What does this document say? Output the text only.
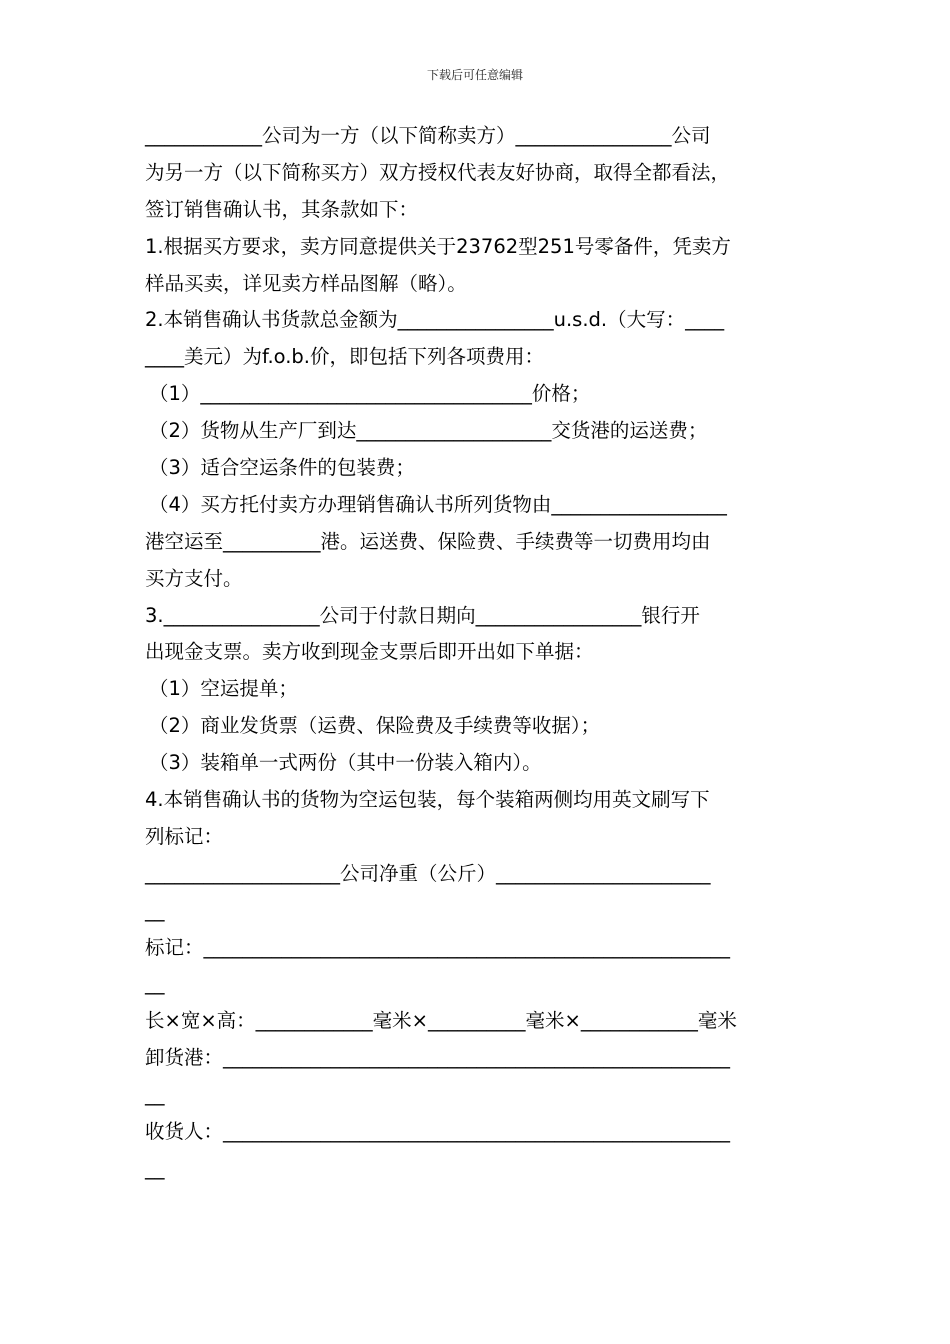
下载后可任意编辑
____________公司为一方（以下简称卖方）________________公司
为另一方（以下简称买方）双方授权代表友好协商，取得全都看法，
签订销售确认书，其条款如下：
1.根据买方要求，卖方同意提供关于23762型251号零备件，凭卖方
样品买卖，详见卖方样品图解（略）。
2.本销售确认书货款总金额为________________u.s.d.（大写：____
____美元）为f.o.b.价，即包括下列各项费用：
（1）__________________________________价格；
（2）货物从生产厂到达____________________交货港的运送费；
（3）适合空运条件的包装费；
（4）买方托付卖方办理销售确认书所列货物由__________________
港空运至__________港。运送费、保险费、手续费等一切费用均由
买方支付。
3.________________公司于付款日期向_________________银行开
出现金支票。卖方收到现金支票后即开出如下单据：
（1）空运提单；
（2）商业发货票（运费、保险费及手续费等收据）；
（3）装箱单一式两份（其中一份装入箱内）。
4.本销售确认书的货物为空运包装，每个装箱两侧均用英文刷写下
列标记：
____________________公司净重（公斤）______________________
__
标记：______________________________________________________
__
长×宽×高：____________毫米×__________毫米×____________毫米
卸货港：____________________________________________________
__
收货人：____________________________________________________
__
